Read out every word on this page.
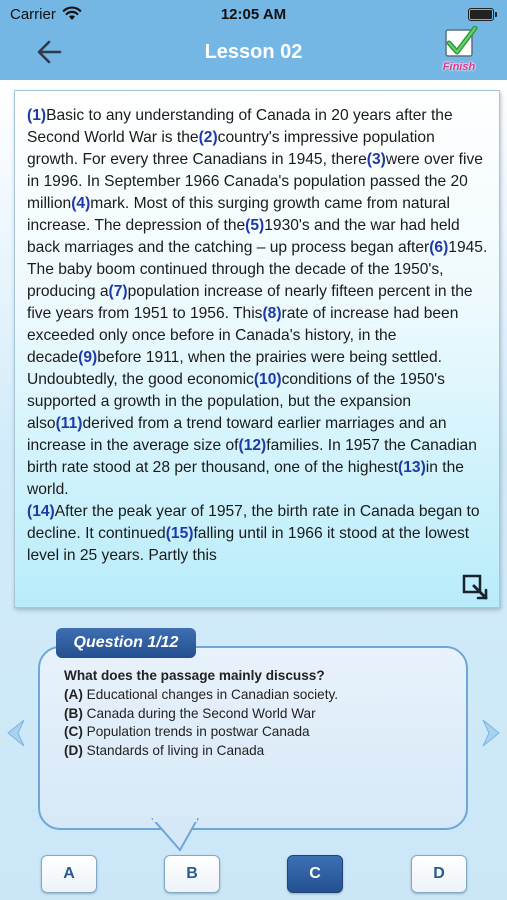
Carrier	12:05 AM
Lesson 02
Finish
(1)Basic to any understanding of Canada in 20 years after the Second World War is the(2)country's impressive population growth. For every three Canadians in 1945, there(3)were over five in 1996. In September 1966 Canada's population passed the 20 million(4)mark. Most of this surging growth came from natural increase. The depression of the(5)1930's and the war had held back marriages and the catching – up process began after(6)1945. The baby boom continued through the decade of the 1950's, producing a(7)population increase of nearly fifteen percent in the five years from 1951 to 1956. This(8)rate of increase had been exceeded only once before in Canada's history, in the decade(9)before 1911, when the prairies were being settled. Undoubtedly, the good economic(10)conditions of the 1950's supported a growth in the population, but the expansion also(11)derived from a trend toward earlier marriages and an increase in the average size of(12)families. In 1957 the Canadian birth rate stood at 28 per thousand, one of the highest(13)in the world.
(14)After the peak year of 1957, the birth rate in Canada began to decline. It continued(15)falling until in 1966 it stood at the lowest level in 25 years. Partly this
Question 1/12
What does the passage mainly discuss?
(A) Educational changes in Canadian society.
(B) Canada during the Second World War
(C) Population trends in postwar Canada
(D) Standards of living in Canada
A	B	C	D
